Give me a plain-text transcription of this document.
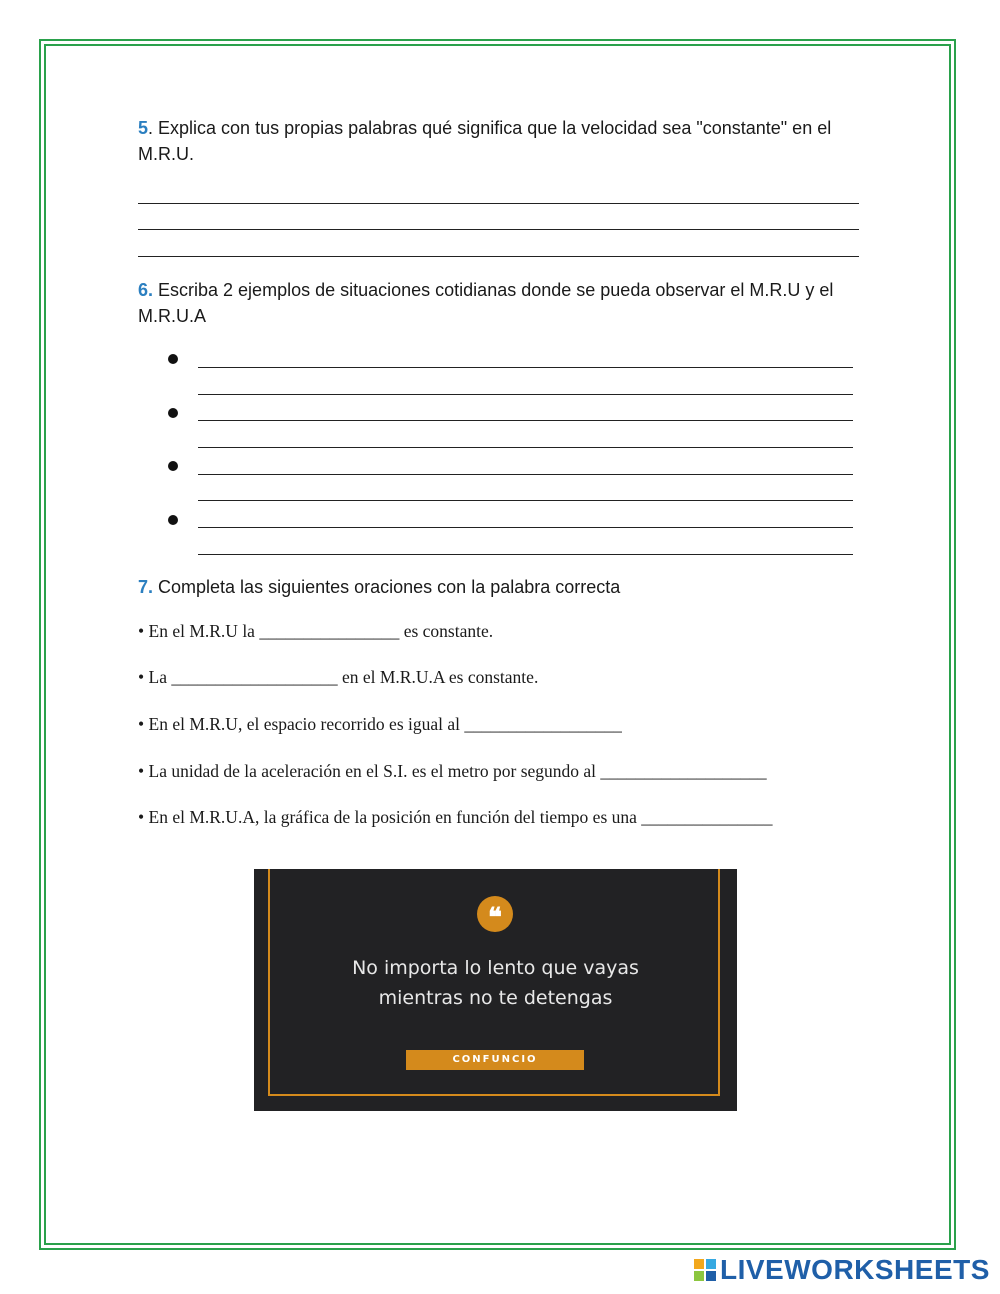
5. Explica con tus propias palabras qué significa que la velocidad sea "constante" en el M.R.U.
6. Escriba 2 ejemplos de situaciones cotidianas donde se pueda observar el M.R.U y el M.R.U.A
7. Completa las siguientes oraciones con la palabra correcta
• En el M.R.U la ________________ es constante.
• La ___________________ en el M.R.U.A es constante.
• En el M.R.U, el espacio recorrido es igual al __________________
• La unidad de la aceleración en el S.I. es el metro por segundo al ___________________
• En el M.R.U.A, la gráfica de la posición en función del tiempo es una _______________
❝
No importa lo lento que vayas
mientras no te detengas
CONFUNCIO
LIVEWORKSHEETS
